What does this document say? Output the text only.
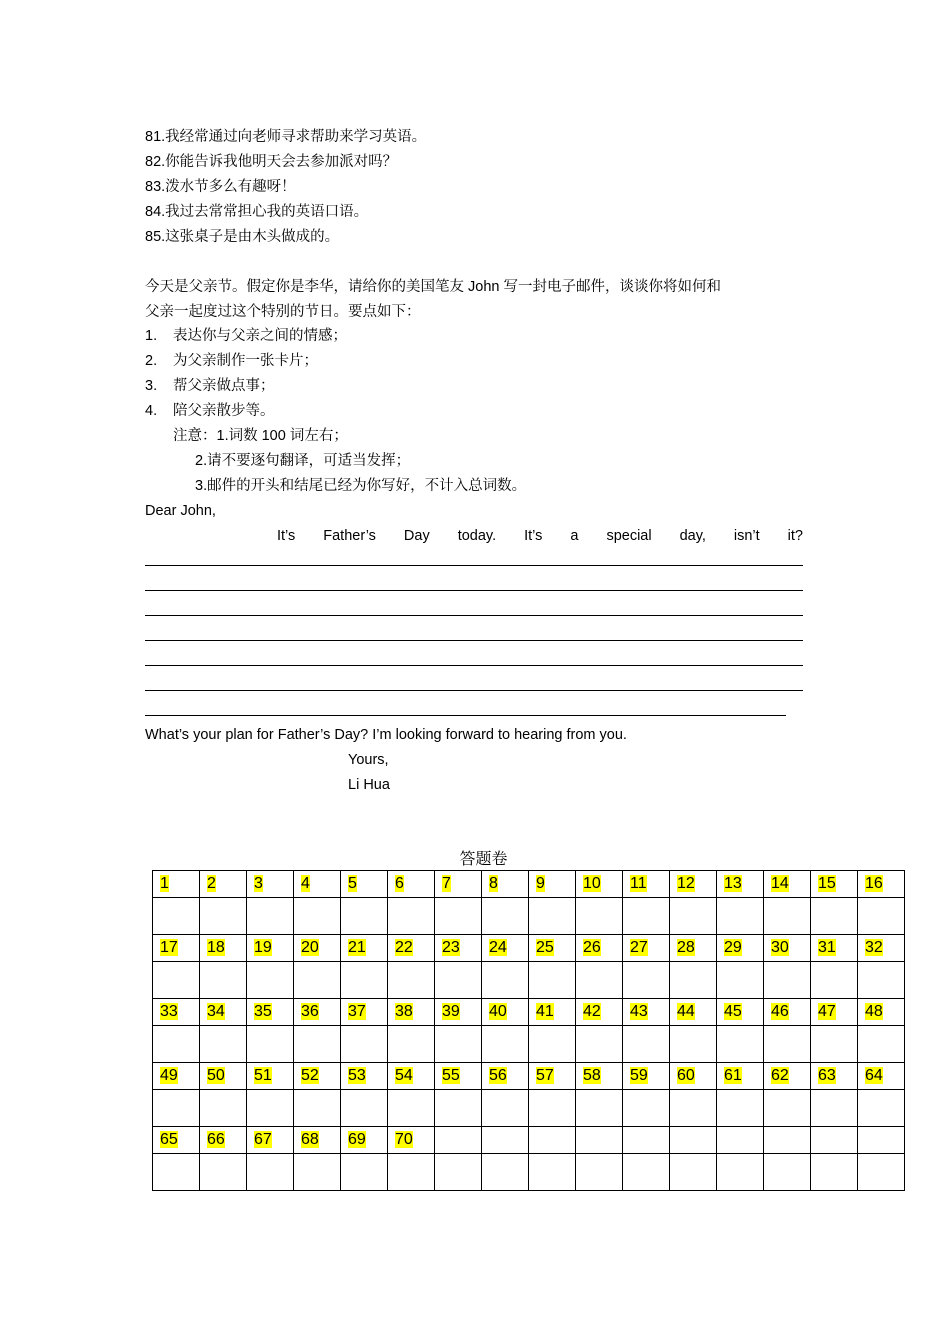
81.我经常通过向老师寻求帮助来学习英语。
82.你能告诉我他明天会去参加派对吗？
83.泼水节多么有趣呀！
84.我过去常常担心我的英语口语。
85.这张桌子是由木头做成的。
今天是父亲节。假定你是李华，请给你的美国笔友 John 写一封电子邮件，谈谈你将如何和
父亲一起度过这个特别的节日。要点如下：
1. 表达你与父亲之间的情感；
2. 为父亲制作一张卡片；
3. 帮父亲做点事；
4. 陪父亲散步等。
注意：1.词数 100 词左右；
2.请不要逐句翻译，可适当发挥；
3.邮件的开头和结尾已经为你写好，不计入总词数。
Dear John,
It’s Father’s Day today. It’s a special day, isn’t it?
What’s your plan for Father’s Day? I’m looking forward to hearing from you.
Yours,
Li Hua
答题卷
1	2	3	4	5	6	7	8	9	10	11	12	13	14	15	16

17	18	19	20	21	22	23	24	25	26	27	28	29	30	31	32

33	34	35	36	37	38	39	40	41	42	43	44	45	46	47	48

49	50	51	52	53	54	55	56	57	58	59	60	61	62	63	64

65	66	67	68	69	70										
